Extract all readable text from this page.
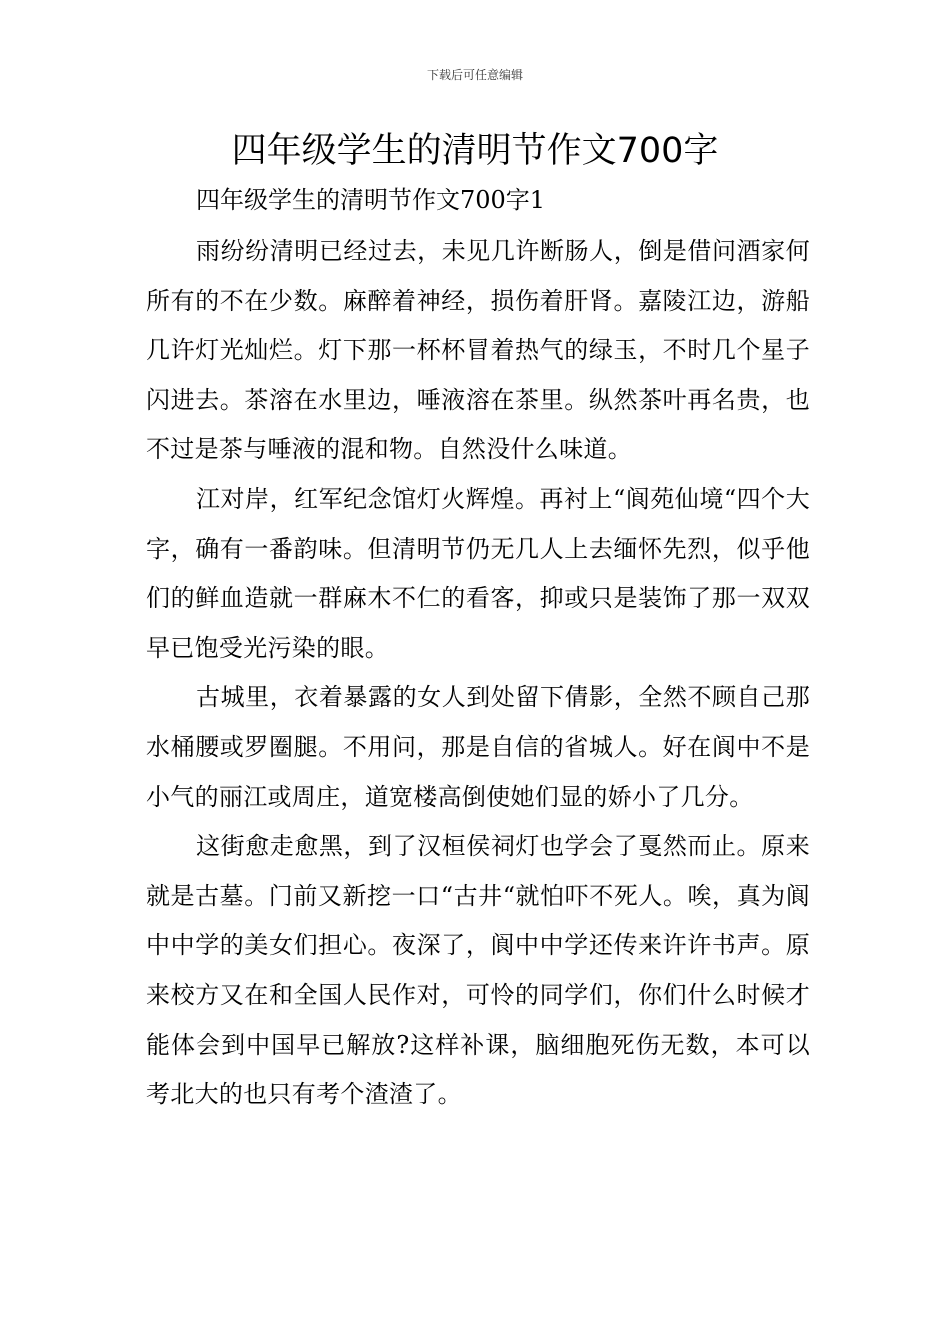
下载后可任意编辑
四年级学生的清明节作文700字

四年级学生的清明节作文700字1

雨纷纷清明已经过去，未见几许断肠人，倒是借问酒家何所有的不在少数。麻醉着神经，损伤着肝肾。嘉陵江边，游船几许灯光灿烂。灯下那一杯杯冒着热气的绿玉，不时几个星子闪进去。茶溶在水里边，唾液溶在茶里。纵然茶叶再名贵，也不过是茶与唾液的混和物。自然没什么味道。

江对岸，红军纪念馆灯火辉煌。再衬上“阆苑仙境“四个大字，确有一番韵味。但清明节仍无几人上去缅怀先烈，似乎他们的鲜血造就一群麻木不仁的看客，抑或只是装饰了那一双双早已饱受光污染的眼。

古城里，衣着暴露的女人到处留下倩影，全然不顾自己那水桶腰或罗圈腿。不用问，那是自信的省城人。好在阆中不是小气的丽江或周庄，道宽楼高倒使她们显的娇小了几分。

这街愈走愈黑，到了汉桓侯祠灯也学会了戛然而止。原来就是古墓。门前又新挖一口“古井“就怕吓不死人。唉，真为阆中中学的美女们担心。夜深了，阆中中学还传来许许书声。原来校方又在和全国人民作对，可怜的同学们，你们什么时候才能体会到中国早已解放?这样补课，脑细胞死伤无数，本可以考北大的也只有考个渣渣了。
